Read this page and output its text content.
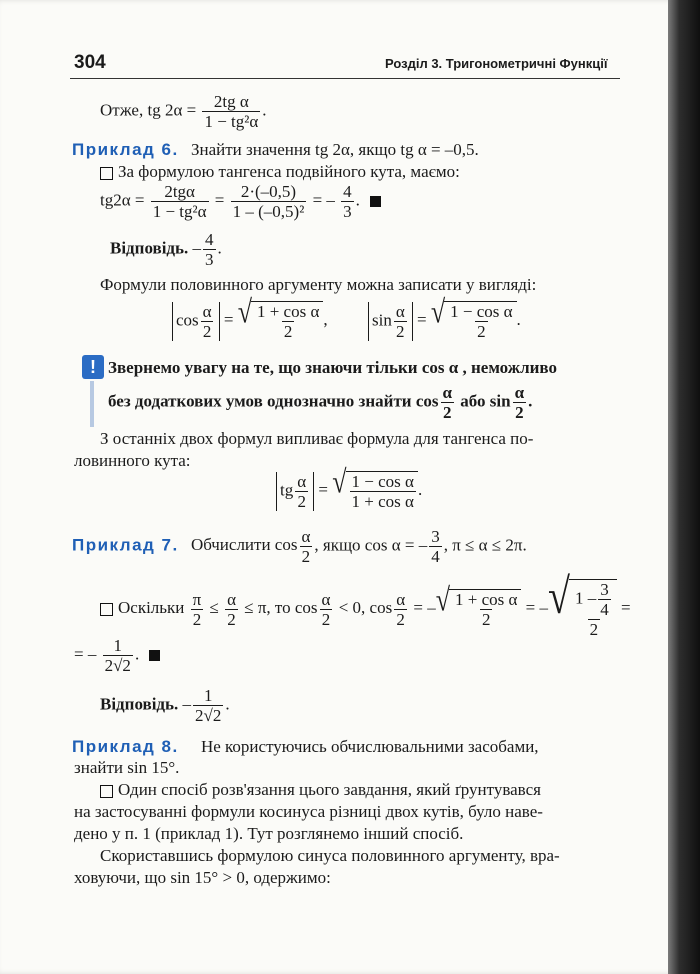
304	Розділ 3. Тригонометричні Функції
Отже, tg $2\alpha = \frac{\text{2tg α}}{\text{1 − tg²α}}$ .
Приклад 6. Знайти значення tg 2α, якщо tg α = –0,5.
За формулою тангенса подвійного кута, маємо:
$tg2\alpha = \frac{\text{2tgα}}{\text{1 − tg²α}} = \frac{2\cdot(-0,5)}{\text{1 – (–0,5)²}}$ = – $\frac{4}{3}$ .
Відповідь. – $\frac{4}{3}$ .
Формули половинного аргументу можна записати у вигляді:
$\cos \frac{\alpha}{2}$ = √ $\frac{\text{1 + cos α}}{2}$ ,	$\sin \frac{\alpha}{2}$ = √ $\frac{\text{1 − cos α}}{2}$ .
! Звернемо увагу на те, що знаючи тільки cos α , неможливо
без додаткових умов однозначно знайти $\cos \frac{\alpha}{2}$ або $\sin \frac{\alpha}{2}$ .
З останніх двох формул випливає формула для тангенса по-
ловинного кута:
tg $\frac{\alpha}{2}$ = √ $\frac{\text{1 − cos α}}{\text{1 + cos α}}$ .
Приклад 7. Обчислити $\cos \frac{\alpha}{2}$ , якщо cos α = – $\frac{3}{4}$ , π ≤ α ≤ 2π.
Оскільки $\frac{\pi}{2} \le \frac{\alpha}{2} \le \pi$, то $\cos \frac{\alpha}{2} < 0$, $\cos \frac{\alpha}{2}$ = – √ $\frac{\text{1 + cos α}}{2}$ = – √ $\frac{1 - \frac{3}{4}}{2}$ =
= – $\frac{1}{2√2}$ .
Відповідь. – $\frac{1}{2√2}$ .
Приклад 8. Не користуючись обчислювальними засобами,
знайти sin 15°.
Один спосіб розв'язання цього завдання, який ґрунтувався
на застосуванні формули косинуса різниці двох кутів, було наве-
дено у п. 1 (приклад 1). Тут розглянемо інший спосіб.
Скориставшись формулою синуса половинного аргументу, вра-
ховуючи, що sin 15° > 0, одержимо:
